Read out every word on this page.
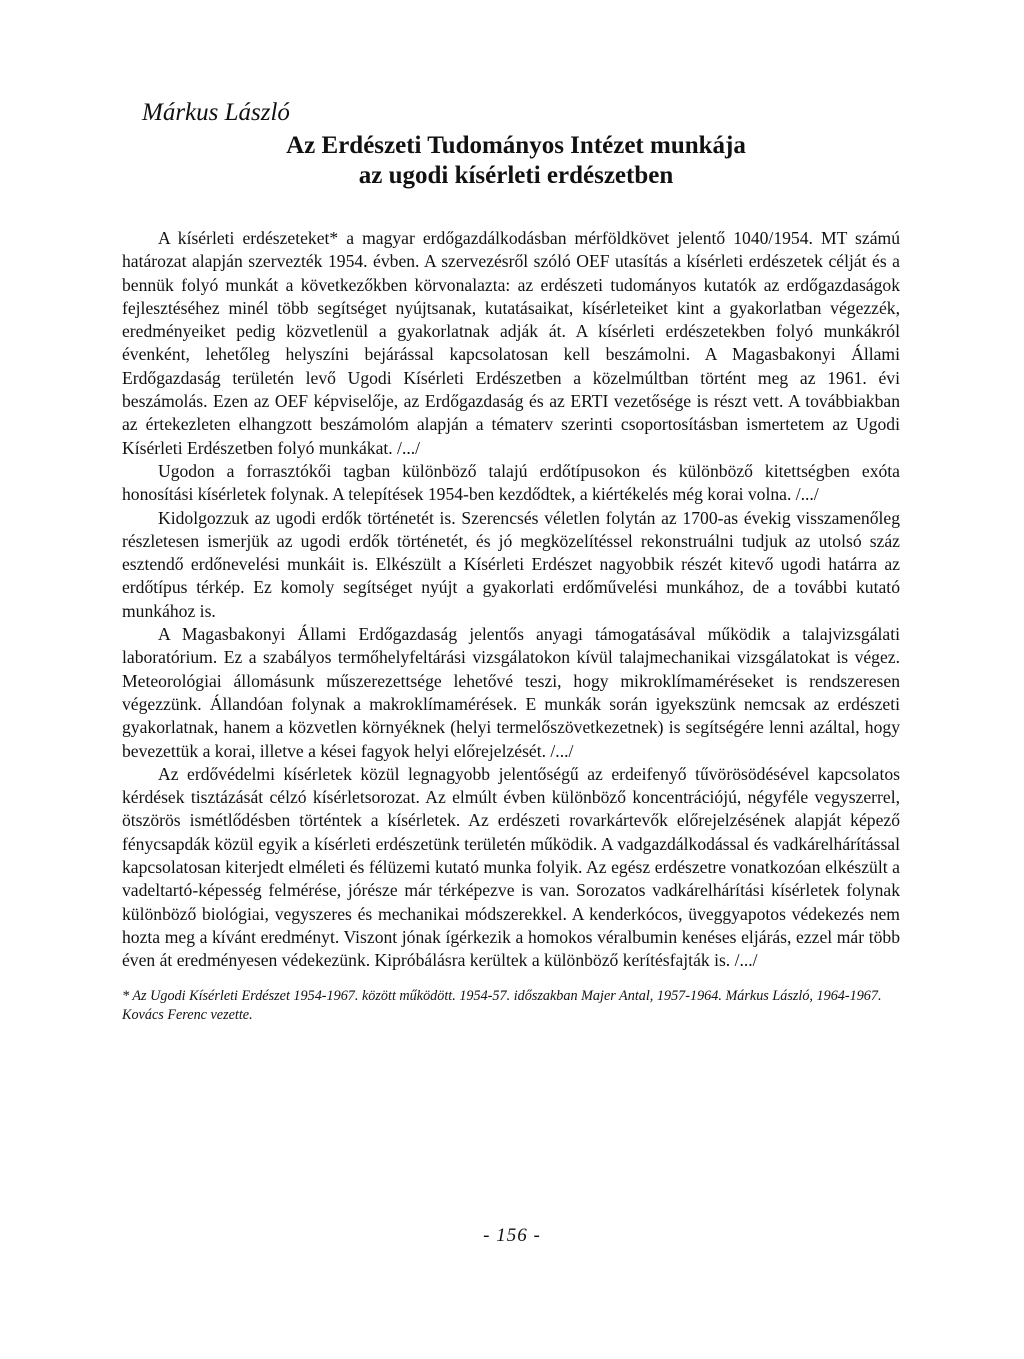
Márkus László

Az Erdészeti Tudományos Intézet munkája

az ugodi kísérleti erdészetben

A kísérleti erdészeteket* a magyar erdőgazdálkodásban mérföldkövet jelentő 1040/1954. MT számú határozat alapján szervezték 1954. évben. A szervezésről szóló OEF utasítás a kísérleti erdészetek célját és a bennük folyó munkát a következőkben körvonalazta: az erdészeti tudományos kutatók az erdőgazdaságok fejlesztéséhez minél több segítséget nyújtsanak, kutatásaikat, kísérleteiket kint a gyakorlatban végezzék, eredményeiket pedig közvetlenül a gyakorlatnak adják át. A kísérleti erdészetekben folyó munkákról évenként, lehetőleg helyszíni bejárással kapcsolatosan kell beszámolni. A Magasbakonyi Állami Erdőgazdaság területén levő Ugodi Kísérleti Erdészetben a közelmúltban történt meg az 1961. évi beszámolás. Ezen az OEF képviselője, az Erdőgazdaság és az ERTI vezetősége is részt vett. A továbbiakban az értekezleten elhangzott beszámolóm alapján a tématerv szerinti csoportosításban ismertetem az Ugodi Kísérleti Erdészetben folyó munkákat. /.../

Ugodon a forrasztókői tagban különböző talajú erdőtípusokon és különböző kitettségben exóta honosítási kísérletek folynak. A telepítések 1954-ben kezdődtek, a kiértékelés még korai volna. /.../

Kidolgozzuk az ugodi erdők történetét is. Szerencsés véletlen folytán az 1700-as évekig visszamenőleg részletesen ismerjük az ugodi erdők történetét, és jó megközelítéssel rekonstruálni tudjuk az utolsó száz esztendő erdőnevelési munkáit is. Elkészült a Kísérleti Erdészet nagyobbik részét kitevő ugodi határra az erdőtípus térkép. Ez komoly segítséget nyújt a gyakorlati erdőművelési munkához, de a további kutató munkához is.

A Magasbakonyi Állami Erdőgazdaság jelentős anyagi támogatásával működik a talajvizsgálati laboratórium. Ez a szabályos termőhelyfeltárási vizsgálatokon kívül talajmechanikai vizsgálatokat is végez. Meteorológiai állomásunk műszerezettsége lehetővé teszi, hogy mikroklímaméréseket is rendszeresen végezzünk. Állandóan folynak a makroklímamérések. E munkák során igyekszünk nemcsak az erdészeti gyakorlatnak, hanem a közvetlen környéknek (helyi termelőszövetkezetnek) is segítségére lenni azáltal, hogy bevezettük a korai, illetve a kései fagyok helyi előrejelzését. /.../

Az erdővédelmi kísérletek közül legnagyobb jelentőségű az erdeifenyő tűvörösödésével kapcsolatos kérdések tisztázását célzó kísérletsorozat. Az elmúlt évben különböző koncentrációjú, négyféle vegyszerrel, ötszörös ismétlődésben történtek a kísérletek. Az erdészeti rovarkártevők előrejelzésének alapját képező fénycsapdák közül egyik a kísérleti erdészetünk területén működik. A vadgazdálkodással és vadkárelhárítással kapcsolatosan kiterjedt elméleti és félüzemi kutató munka folyik. Az egész erdészetre vonatkozóan elkészült a vadeltartó-képesség felmérése, jórésze már térképezve is van. Sorozatos vadkárelhárítási kísérletek folynak különböző biológiai, vegyszeres és mechanikai módszerekkel. A kenderkócos, üveggyapotos védekezés nem hozta meg a kívánt eredményt. Viszont jónak ígérkezik a homokos véralbumin kenéses eljárás, ezzel már több éven át eredményesen védekezünk. Kipróbálásra kerültek a különböző kerítésfajták is. /.../

* Az Ugodi Kísérleti Erdészet 1954-1967. között működött. 1954-57. időszakban Majer Antal, 1957-1964. Márkus László, 1964-1967. Kovács Ferenc vezette.

- 156 -
